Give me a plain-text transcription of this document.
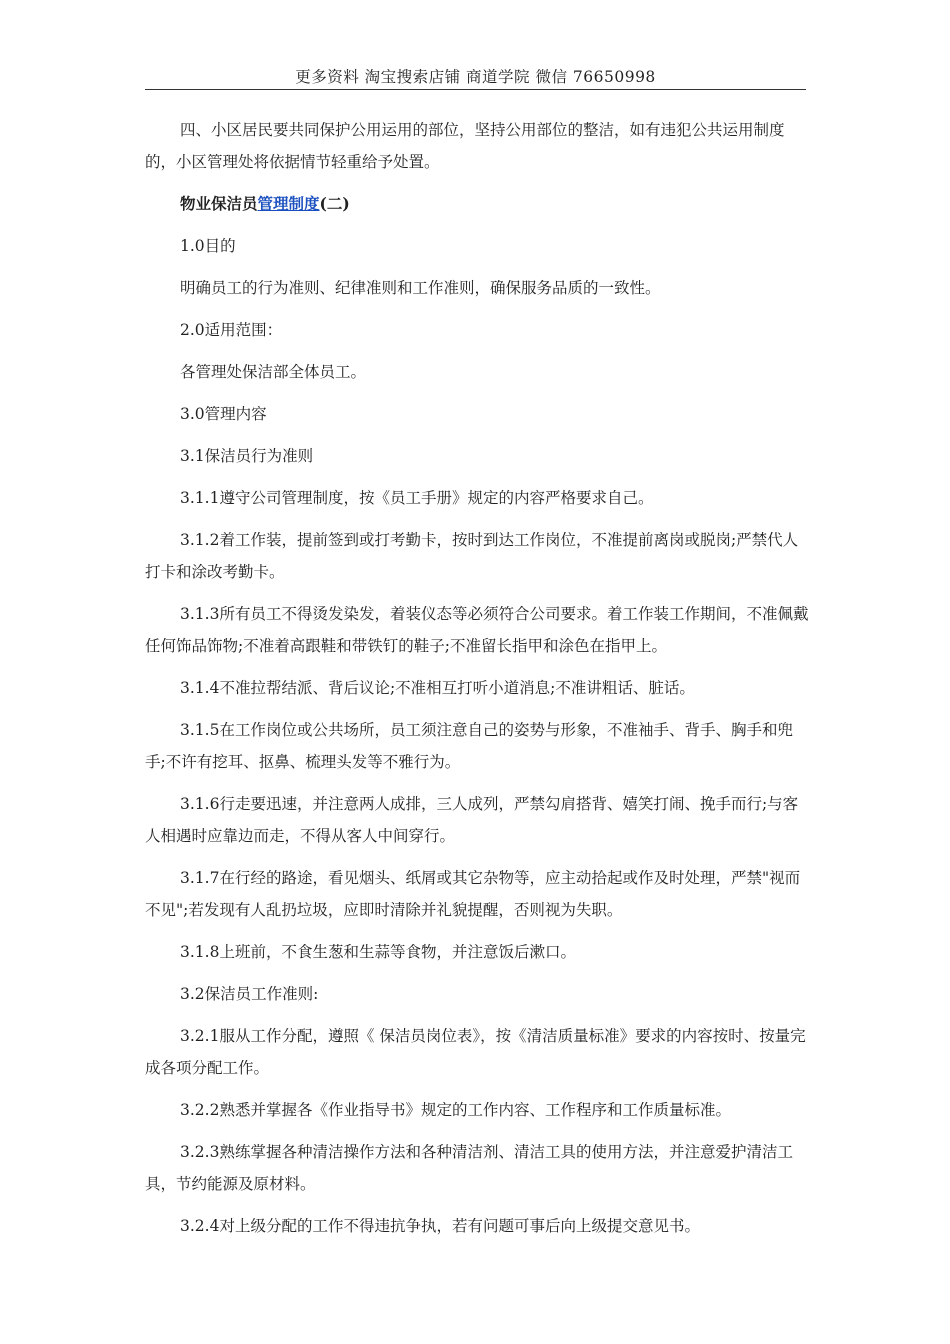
更多资料 淘宝搜索店铺 商道学院 微信 76650998

四、小区居民要共同保护公用运用的部位，坚持公用部位的整洁，如有违犯公共运用制度的，小区管理处将依据情节轻重给予处置。

物业保洁员管理制度(二)

1.0目的

明确员工的行为准则、纪律准则和工作准则，确保服务品质的一致性。

2.0适用范围：

各管理处保洁部全体员工。

3.0管理内容

3.1保洁员行为准则

3.1.1遵守公司管理制度，按《员工手册》规定的内容严格要求自己。

3.1.2着工作装，提前签到或打考勤卡，按时到达工作岗位，不准提前离岗或脱岗;严禁代人打卡和涂改考勤卡。

3.1.3所有员工不得烫发染发，着装仪态等必须符合公司要求。着工作装工作期间，不准佩戴任何饰品饰物;不准着高跟鞋和带铁钉的鞋子;不准留长指甲和涂色在指甲上。

3.1.4不准拉帮结派、背后议论;不准相互打听小道消息;不准讲粗话、脏话。

3.1.5在工作岗位或公共场所，员工须注意自己的姿势与形象，不准袖手、背手、胸手和兜手;不许有挖耳、抠鼻、梳理头发等不雅行为。

3.1.6行走要迅速，并注意两人成排，三人成列，严禁勾肩搭背、嬉笑打闹、挽手而行;与客人相遇时应靠边而走，不得从客人中间穿行。

3.1.7在行经的路途，看见烟头、纸屑或其它杂物等，应主动拾起或作及时处理，严禁"视而不见";若发现有人乱扔垃圾，应即时清除并礼貌提醒，否则视为失职。

3.1.8上班前，不食生葱和生蒜等食物，并注意饭后漱口。

3.2保洁员工作准则:

3.2.1服从工作分配，遵照《 保洁员岗位表》，按《清洁质量标准》要求的内容按时、按量完成各项分配工作。

3.2.2熟悉并掌握各《作业指导书》规定的工作内容、工作程序和工作质量标准。

3.2.3熟练掌握各种清洁操作方法和各种清洁剂、清洁工具的使用方法，并注意爱护清洁工具，节约能源及原材料。

3.2.4对上级分配的工作不得违抗争执，若有问题可事后向上级提交意见书。
